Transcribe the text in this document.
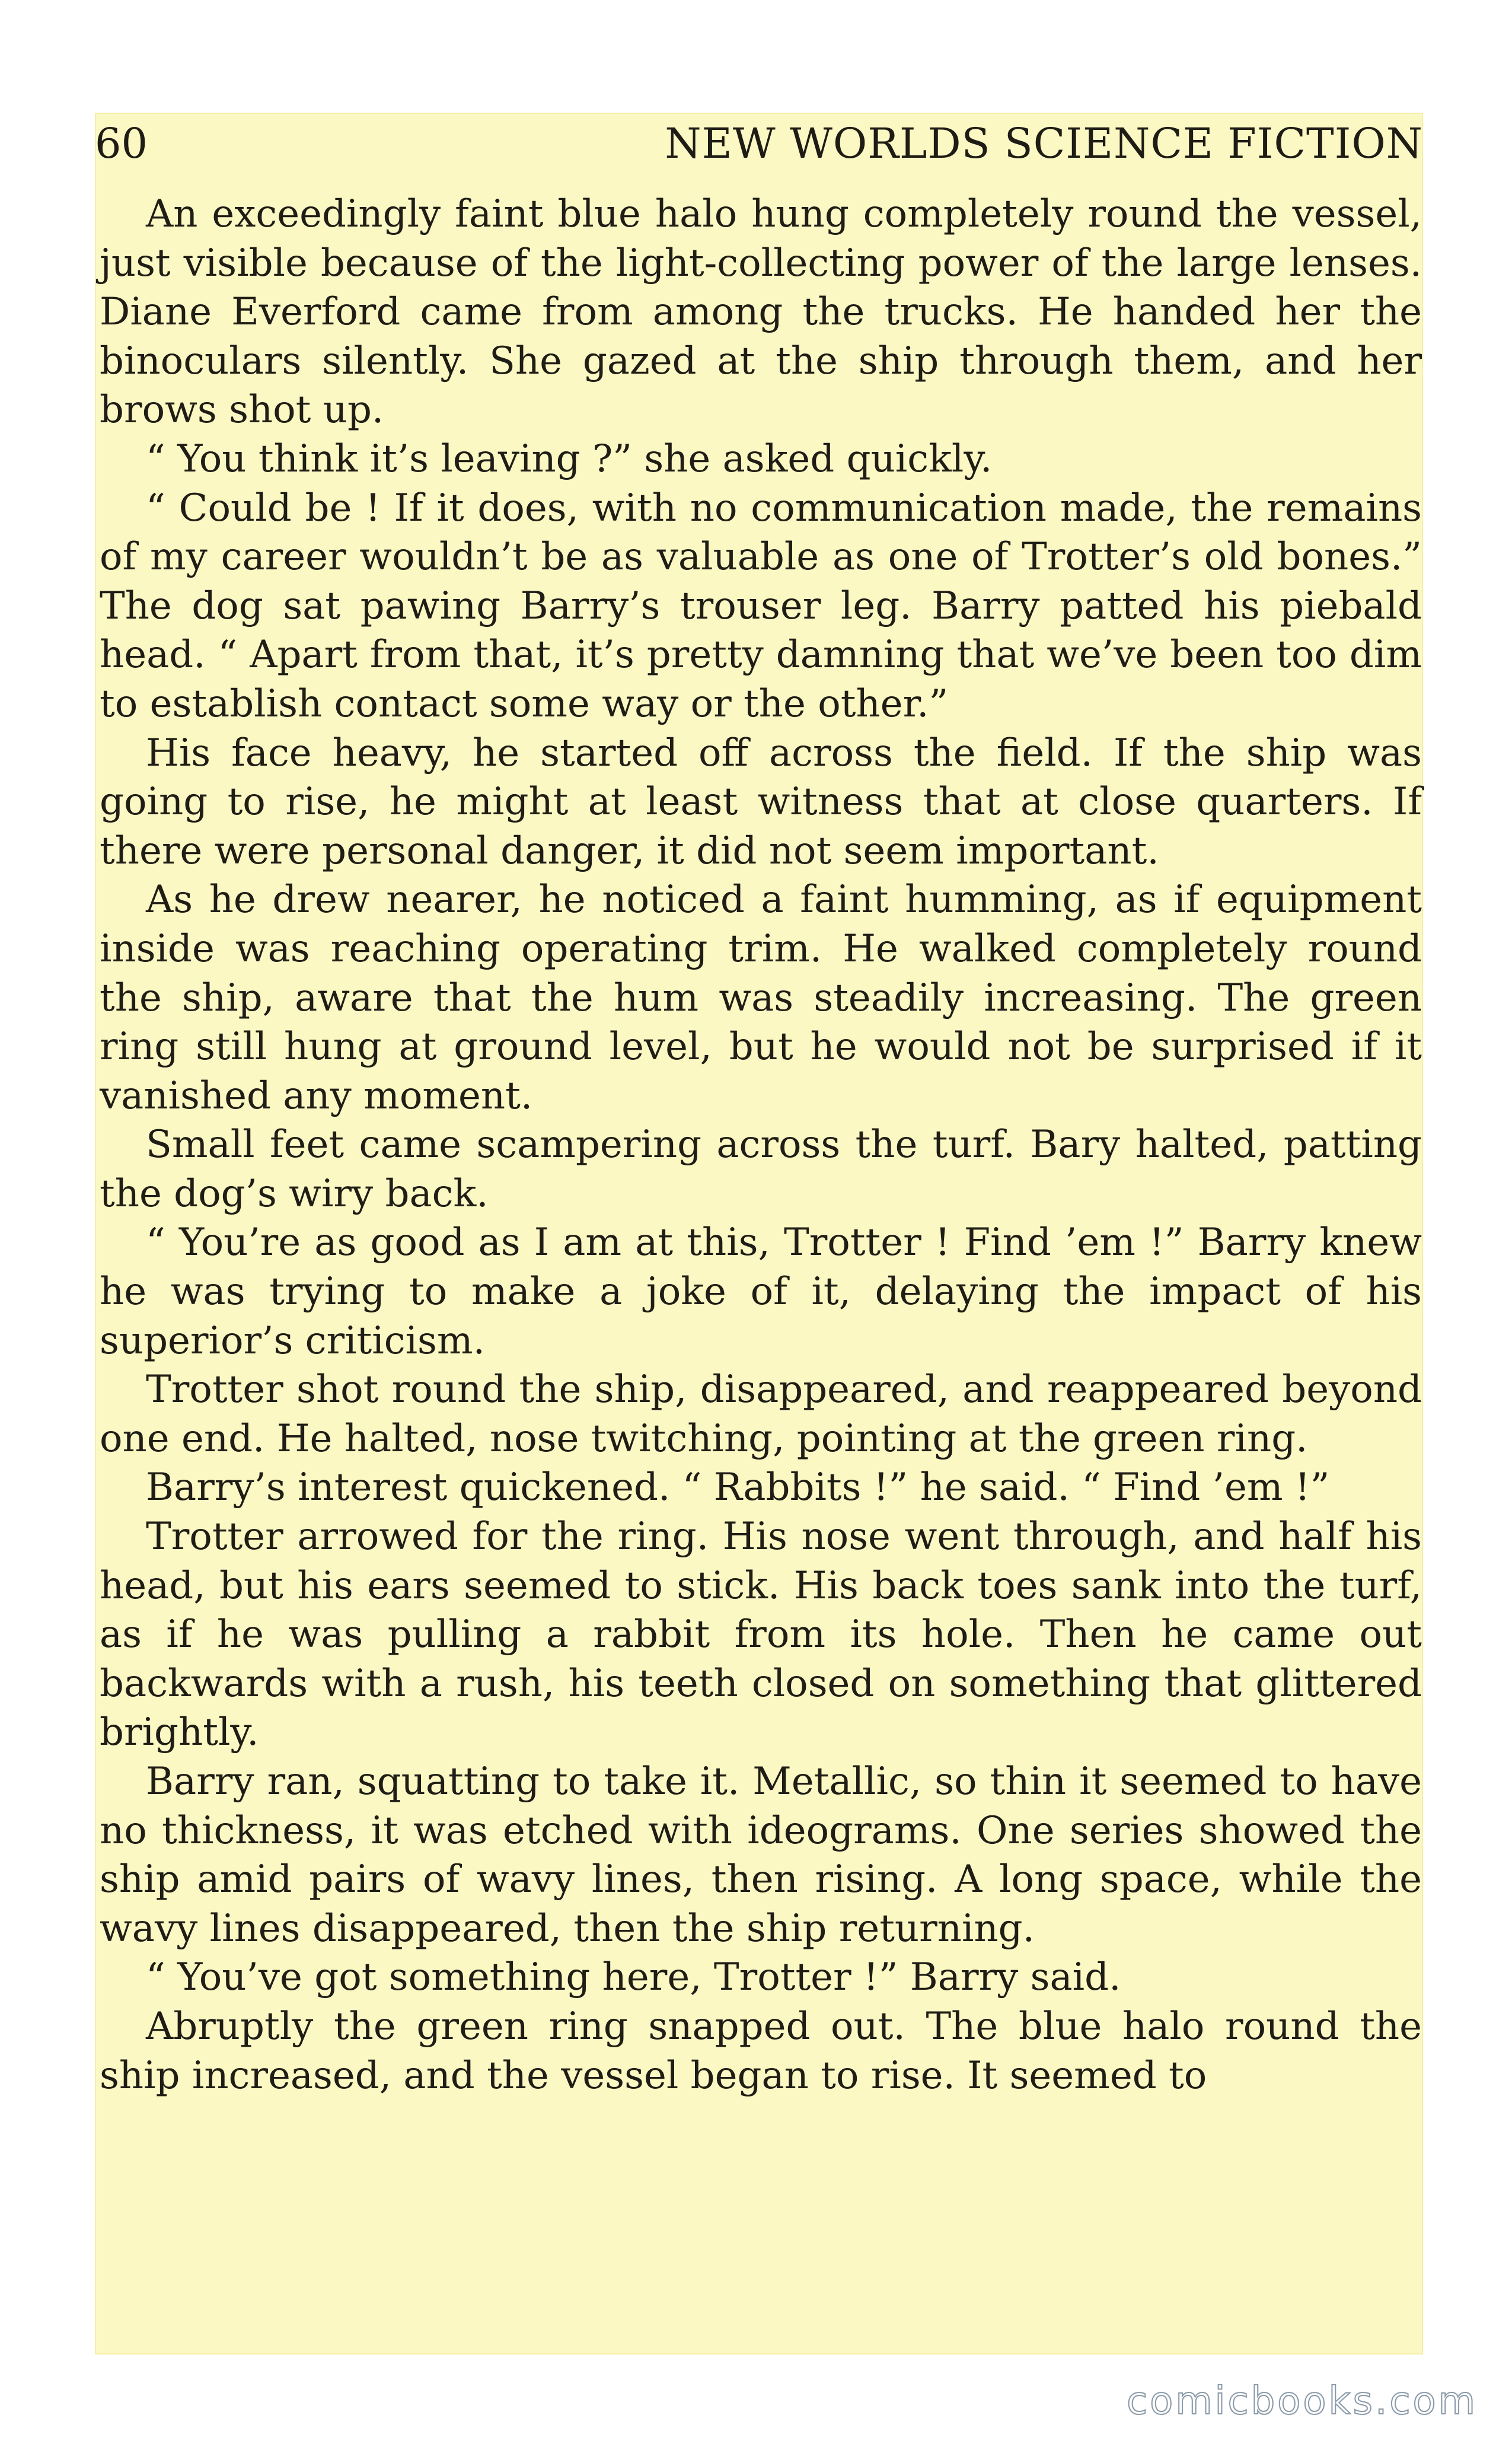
60	NEW WORLDS SCIENCE FICTION

An exceedingly faint blue halo hung completely round the vessel, just visible because of the light-collecting power of the large lenses. Diane Everford came from among the trucks. He handed her the binoculars silently. She gazed at the ship through them, and her brows shot up.

“ You think it’s leaving ?” she asked quickly.

“ Could be ! If it does, with no communication made, the remains of my career wouldn’t be as valuable as one of Trotter’s old bones.” The dog sat pawing Barry’s trouser leg. Barry patted his piebald head. “ Apart from that, it’s pretty damning that we’ve been too dim to establish contact some way or the other.”

His face heavy, he started off across the field. If the ship was going to rise, he might at least witness that at close quarters. If there were personal danger, it did not seem important.

As he drew nearer, he noticed a faint humming, as if equipment inside was reaching operating trim. He walked completely round the ship, aware that the hum was steadily increasing. The green ring still hung at ground level, but he would not be surprised if it vanished any moment.

Small feet came scampering across the turf. Bary halted, patting the dog’s wiry back.

“ You’re as good as I am at this, Trotter ! Find ’em !” Barry knew he was trying to make a joke of it, delaying the impact of his superior’s criticism.

Trotter shot round the ship, disappeared, and reappeared beyond one end. He halted, nose twitching, pointing at the green ring.

Barry’s interest quickened. “ Rabbits !” he said. “ Find ’em !”

Trotter arrowed for the ring. His nose went through, and half his head, but his ears seemed to stick. His back toes sank into the turf, as if he was pulling a rabbit from its hole. Then he came out backwards with a rush, his teeth closed on something that glittered brightly.

Barry ran, squatting to take it. Metallic, so thin it seemed to have no thickness, it was etched with ideograms. One series showed the ship amid pairs of wavy lines, then rising. A long space, while the wavy lines disappeared, then the ship returning.

“ You’ve got something here, Trotter !” Barry said.

Abruptly the green ring snapped out. The blue halo round the ship increased, and the vessel began to rise. It seemed to

comicbooks.com
